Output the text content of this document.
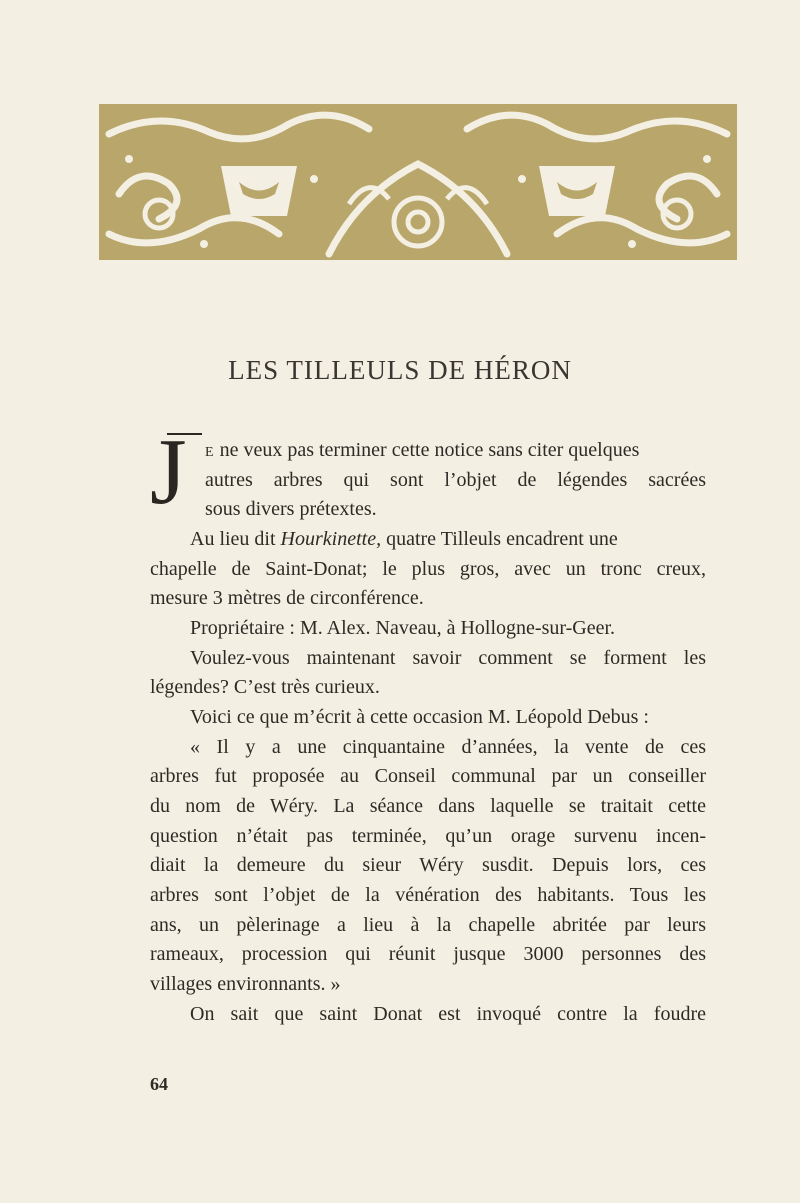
LES TILLEULS DE HÉRON
J E ne veux pas terminer cette notice sans citer quelques
autres arbres qui sont l’objet de légendes sacrées
sous divers prétextes.
Au lieu dit Hourkinette, quatre Tilleuls encadrent une
chapelle de Saint-Donat; le plus gros, avec un tronc creux,
mesure 3 mètres de circonférence.
Propriétaire : M. Alex. Naveau, à Hollogne-sur-Geer.
Voulez-vous maintenant savoir comment se forment les
légendes? C’est très curieux.
Voici ce que m’écrit à cette occasion M. Léopold Debus :
« Il y a une cinquantaine d’années, la vente de ces
arbres fut proposée au Conseil communal par un conseiller
du nom de Wéry. La séance dans laquelle se traitait cette
question n’était pas terminée, qu’un orage survenu incen-
diait la demeure du sieur Wéry susdit. Depuis lors, ces
arbres sont l’objet de la vénération des habitants. Tous les
ans, un pèlerinage a lieu à la chapelle abritée par leurs
rameaux, procession qui réunit jusque 3000 personnes des
villages environnants. »
On sait que saint Donat est invoqué contre la foudre
64
